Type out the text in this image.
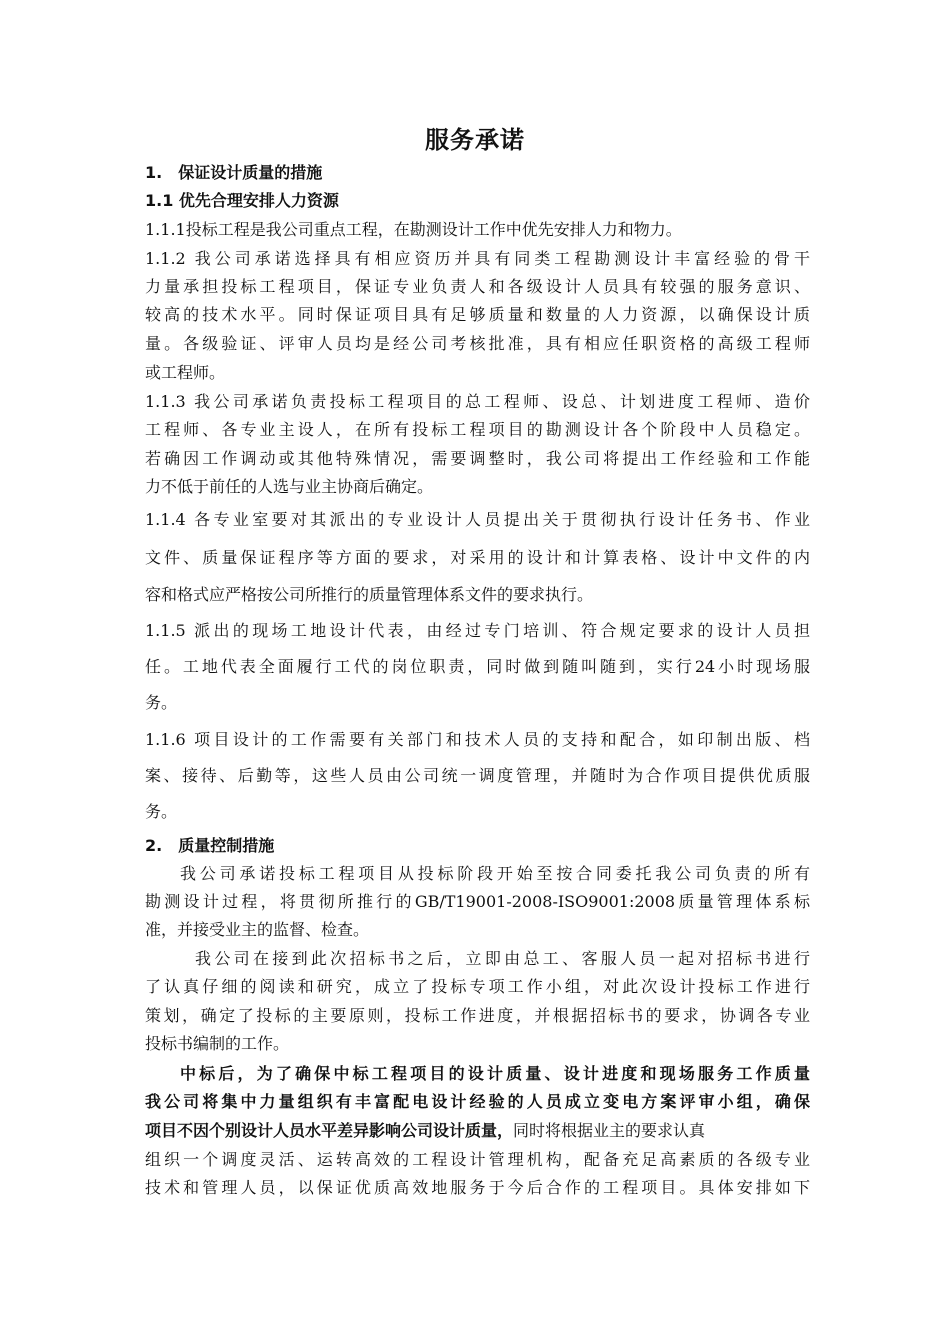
服务承诺
1.　保证设计质量的措施
1.1 优先合理安排人力资源
1.1.1投标工程是我公司重点工程，在勘测设计工作中优先安排人力和物力。
1.1.2 我公司承诺选择具有相应资历并具有同类工程勘测设计丰富经验的骨干
力量承担投标工程项目，保证专业负责人和各级设计人员具有较强的服务意识、
较高的技术水平。同时保证项目具有足够质量和数量的人力资源，以确保设计质
量。各级验证、评审人员均是经公司考核批准，具有相应任职资格的高级工程师
或工程师。
1.1.3 我公司承诺负责投标工程项目的总工程师、设总、计划进度工程师、造价
工程师、各专业主设人，在所有投标工程项目的勘测设计各个阶段中人员稳定。
若确因工作调动或其他特殊情况，需要调整时，我公司将提出工作经验和工作能
力不低于前任的人选与业主协商后确定。
1.1.4 各专业室要对其派出的专业设计人员提出关于贯彻执行设计任务书、作业
文件、质量保证程序等方面的要求，对采用的设计和计算表格、设计中文件的内
容和格式应严格按公司所推行的质量管理体系文件的要求执行。
1.1.5 派出的现场工地设计代表，由经过专门培训、符合规定要求的设计人员担
任。工地代表全面履行工代的岗位职责，同时做到随叫随到，实行24小时现场服
务。
1.1.6 项目设计的工作需要有关部门和技术人员的支持和配合，如印制出版、档
案、接待、后勤等，这些人员由公司统一调度管理，并随时为合作项目提供优质服
务。
2.　质量控制措施
我公司承诺投标工程项目从投标阶段开始至按合同委托我公司负责的所有
勘测设计过程，将贯彻所推行的GB/T19001-2008-ISO9001:2008质量管理体系标
准，并接受业主的监督、检查。
我公司在接到此次招标书之后，立即由总工、客服人员一起对招标书进行
了认真仔细的阅读和研究，成立了投标专项工作小组，对此次设计投标工作进行
策划，确定了投标的主要原则，投标工作进度，并根据招标书的要求，协调各专业
投标书编制的工作。
中标后，为了确保中标工程项目的设计质量、设计进度和现场服务工作质量
我公司将集中力量组织有丰富配电设计经验的人员成立变电方案评审小组，确保
项目不因个别设计人员水平差异影响公司设计质量，同时将根据业主的要求认真
组织一个调度灵活、运转高效的工程设计管理机构，配备充足高素质的各级专业
技术和管理人员，以保证优质高效地服务于今后合作的工程项目。具体安排如下
